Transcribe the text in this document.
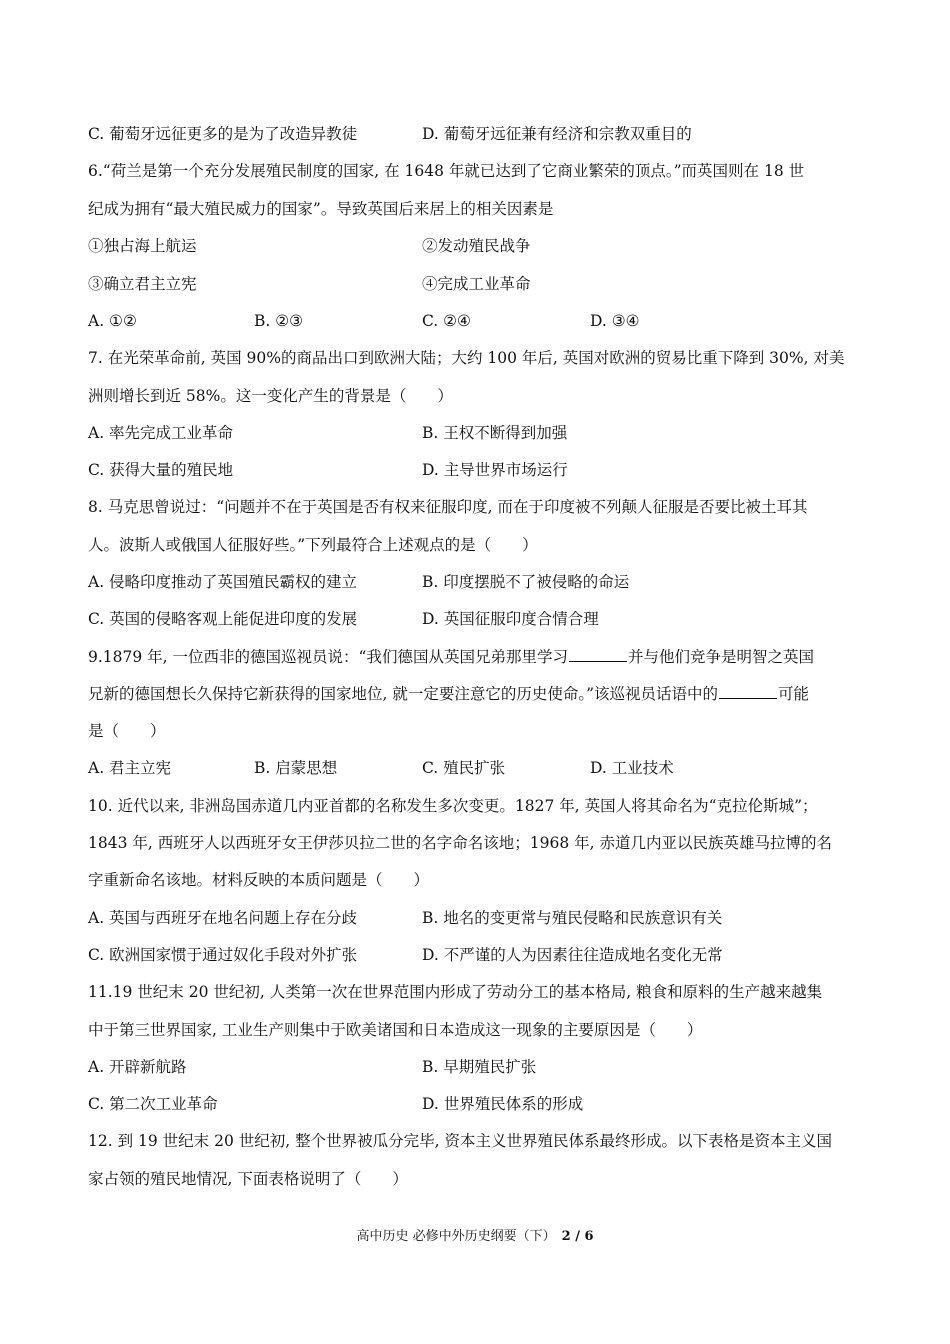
C. 葡萄牙远征更多的是为了改造异教徒	D. 葡萄牙远征兼有经济和宗教双重目的
6.“荷兰是第一个充分发展殖民制度的国家, 在 1648 年就已达到了它商业繁荣的顶点。”而英国则在 18 世
纪成为拥有“最大殖民威力的国家”。导致英国后来居上的相关因素是
①独占海上航运	②发动殖民战争
③确立君主立宪	④完成工业革命
A. ①②	B. ②③	C. ②④	D. ③④
7. 在光荣革命前, 英国 90%的商品出口到欧洲大陆；大约 100 年后, 英国对欧洲的贸易比重下降到 30%, 对美
洲则增长到近 58%。这一变化产生的背景是（　　）
A. 率先完成工业革命	B. 王权不断得到加强
C. 获得大量的殖民地	D. 主导世界市场运行
8. 马克思曾说过：“问题并不在于英国是否有权来征服印度, 而在于印度被不列颠人征服是否要比被土耳其
人。波斯人或俄国人征服好些。”下列最符合上述观点的是（　　）
A. 侵略印度推动了英国殖民霸权的建立	B. 印度摆脱不了被侵略的命运
C. 英国的侵略客观上能促进印度的发展	D. 英国征服印度合情合理
9.1879 年, 一位西非的德国巡视员说：“我们德国从英国兄弟那里学习	并与他们竞争是明智之英国
兄新的德国想长久保持它新获得的国家地位, 就一定要注意它的历史使命。”该巡视员话语中的	可能
是（　　）
A. 君主立宪	B. 启蒙思想	C. 殖民扩张	D. 工业技术
10. 近代以来, 非洲岛国赤道几内亚首都的名称发生多次变更。1827 年, 英国人将其命名为“克拉伦斯城”；
1843 年, 西班牙人以西班牙女王伊莎贝拉二世的名字命名该地；1968 年, 赤道几内亚以民族英雄马拉博的名
字重新命名该地。材料反映的本质问题是（　　）
A. 英国与西班牙在地名问题上存在分歧	B. 地名的变更常与殖民侵略和民族意识有关
C. 欧洲国家惯于通过奴化手段对外扩张	D. 不严谨的人为因素往往造成地名变化无常
11.19 世纪末 20 世纪初, 人类第一次在世界范围内形成了劳动分工的基本格局, 粮食和原料的生产越来越集
中于第三世界国家, 工业生产则集中于欧美诸国和日本造成这一现象的主要原因是（　　）
A. 开辟新航路	B. 早期殖民扩张
C. 第二次工业革命	D. 世界殖民体系的形成
12. 到 19 世纪末 20 世纪初, 整个世界被瓜分完毕, 资本主义世界殖民体系最终形成。以下表格是资本主义国
家占领的殖民地情况, 下面表格说明了（　　）
高中历史 必修中外历史纲要（下） 2 / 6
